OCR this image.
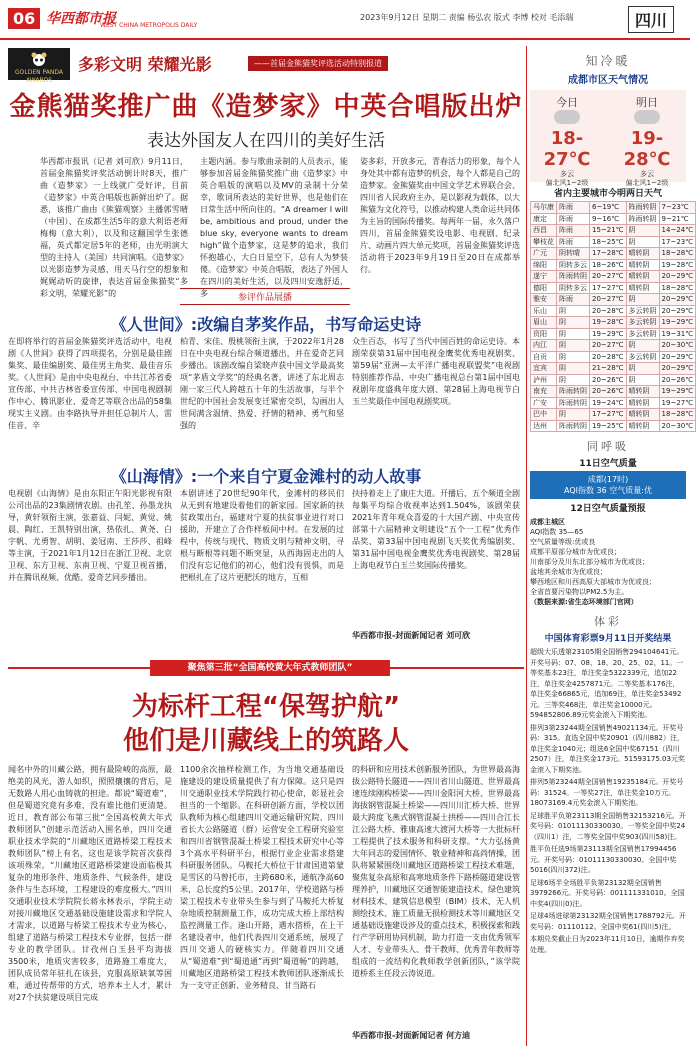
06 华西都市报
WEST CHINA METROPOLIS DAILY
2023年9月12日 星期二 责编 杨弘农 版式 李博 校对 毛添瑞	四川
GOLDEN PANDA AWARDS
多彩文明 荣耀光影	——首届金熊猫奖评选活动特别报道
金熊猫奖推广曲《造梦家》中英合唱版出炉
表达外国友人在四川的美好生活
华西都市报讯（记者 刘可欣）9月11日，首届金熊猫奖评奖活动倒计时8天，推广曲《造梦家》一上线就广受好评，目前《造梦家》中英合唱版也新鲜出炉了。据悉，该推广曲由《熊猫观察》主播郭雪晴（中国）、在成都生活5年的意大利语老师梅梅（意大利），以及和这翻国学生张德福，英式都定居5年的老师，由光明演大型的主持人（美国）共同演唱。《造梦家》以光影造梦为灵感，用天马行空的想象和娓娓动听的旋律，表达首届金熊猫奖“多彩文明，荣耀光影”的
主题内涵。参与歌曲录制的人员表示，能够参加首届金熊猫奖推广曲《造梦家》中英合唱版的演唱以及MV的录制十分荣幸，歌词所表达的美好世界，也是他们在日常生活中所向往的。“A dreamer I will be, ambitious and proud, under the blue sky, everyone wants to dream high”做个造梦家，这是梦的追求，我们怀抱雄心，大白日星空下，总有人为梦装傻。《造梦家》中英合唱版，表达了外国人在四川的美好生活，以及四川安逸舒适，多
姿多彩，开放多元，青春活力的形象，每个人身处其中都有造梦的机会，每个人都是自己的造梦家。金熊猫奖由中国文学艺术界联合会、四川省人民政府主办，是以影视为载体，以大熊猫为文化符号，以推动构建人类命运共同体为主旨的国际传播奖。每两年一届，永久落户四川，首届金熊猫奖设电影、电视剧、纪录片、动画片四大单元奖项，首届金熊猫奖评选活动将于2023年9月19日至20日在成都举行。
参评作品展播
《人世间》:改编自茅奖作品，书写命运史诗
在即将举行的首届金熊猫奖评选活动中，电视剧《人世间》获得了四项提名，分别是最佳剧集奖、最佳编剧奖、最佳男主角奖、最佳音乐奖。《人世间》是由中央电视台、中共江苏省委宣传部、中共吉林省委宣传部、中国电视剧制作中心、腾讯影业、爱奇艺等联合出品的58集现实主义剧。由李路执导并担任总制片人，雷佳音、辛
柏青、宋佳、殷桃领衔主演，于2022年1月28日在中央电视台综合频道播出，并在爱奇艺同步播出。该剧改编自梁晓声获中国文学最高奖项“茅盾文学奖”的经典名著，讲述了东北周志刚一家三代人跨越五十年的生活故事，与半个世纪的中国社会发展变迁紧密交织，勾画出人世间满含温情、热爱、抒情的精神、勇气和坚强的
众生百态，书写了当代中国百姓的命运史诗。本剧荣获第31届中国电视金鹰奖优秀电视剧奖、第59届“亚洲—太平洋广播电视联盟奖”电视剧特别推荐作品、中央广播电视总台第1届中国电视剧年度盛典年度大剧、第28届上海电视节白玉兰奖最佳中国电视剧奖项。
《山海情》:一个来自宁夏金滩村的动人故事
电视剧《山海情》是由东阳正午阳光影视有限公司出品的23集剧情农剧。由孔笙、孙墨龙执导，黄轩领衔主演，张嘉益、闫妮、黄觉、姚晨、陶红、王凯特别出演，热依扎、黄尧、白宇帆、尤勇智、胡明、姜冠南、王莎莎、祖峰等主演，于2021年1月12日在浙江卫视、北京卫视、东方卫视、东南卫视、宁夏卫视首播，并在腾讯视频、优酷、爱奇艺同步播出。
本剧讲述了20世纪90年代，金滩村的移民们从无到有地建设着他们的新家园。国家新的扶贫政策出台，福建对宁夏的扶贫事业进行对口援助，开建立了合作样板间中村。在发展的过程中，传统与现代、物质文明与精神文明，寻根与断根等问题不断突显，从西海固走出的人们没有忘记他们的初心，他们没有畏惧，而是把根扎在了这片更肥沃的地方，互相
扶持着走上了康庄大道。开播后，五个频道全剧每集平均综合收视率达到1.504%，该剧荣获2021年青年观众喜爱的十大国产剧、中央宣传部第十六届精神文明建设“五个一工程”优秀作品奖、第33届中国电视剧飞天奖优秀编剧奖、第31届中国电视金鹰奖优秀电视剧奖、第28届上海电视节白玉兰奖国际传播奖。
华西都市报-封面新闻记者 刘可欣
聚焦第三批“全国高校黄大年式教师团队”
为标杆工程“保驾护航”
他们是川藏线上的筑路人
闻名中外的川藏公路，拥有最险峻的高原，最绝美的风光，游人如织，照照攘攘的背后，是无数路人用心血铸就的担途。都说“蜀道难”，但是蜀道究竟有多难，没有谁比他们更清楚。近日，教育部公布第三批“全国高校黄大年式教师团队”创建示范活动入围名单，四川交通职业技术学院的“川藏地区道路桥梁工程技术教师团队”榜上有名，这也是该学院首次获得该项殊荣。“川藏地区道路桥梁建设面临极其复杂的地形条件、地质条件、气候条件，建设条件与生态环境，工程建设的难度极大。”四川交通职业技术学院院长蒋永林表示，学院主动对接川藏地区交通基础设施建设需求和学院人才需求，以道路与桥梁工程技术专业为核心，组建了道路与桥梁工程技术专业群，包括一群专业的教学团队。甘孜州白玉县平均海拔3500米，地质灾害较多，道路施工难度大，团队成员常年驻扎在该县，克服高原缺氧等困难，通过传帮带的方式，培养本土人才，累计对27个扶贫建设项目完成
1100余次抽样检测工作，为当地交通基础设施建设的建设质量提供了有力保障。这只是四川交通职业技术学院践行初心使命，彰显社会担当的一个缩影。在科研创新方面，学校以团队教师为核心组建四川交通运输研究院、四川省长大公路隧道（群）运营安全工程研究验室和四川省钢管混凝土桥梁工程技术研究中心等3个高水平科研平台，根据行业企业需求搭建科研服务团队。马鞍托大桥位于甘肃国道第蒙是雪区的马曾托市，主跨680米，通航净高60米，总长度约5公里。2017年，学校道路与桥梁工程技术专业带头生参与到了马鞍托大桥复杂地质控制测量工作，成功完成大桥上部结构监控测量工作。逢山开路，遇水搭桥，在上干名建设者中，他们代表四川交通系统，展现了四川交通人的硬核实力。伴随着四川交通从“蜀道难”到“蜀道通”再到“蜀道畅”的跨越，川藏地区道路桥梁工程技术教师团队逐渐成长为一支守正创新、业务精良、甘当路石
的科研和应用技术创新服务团队，为世界最高海拔公路特长隧道——四川省川山隧道、世界最高速连续刚构桥梁——四川金阳河大桥、世界最高海拔钢管混凝土桥梁——四川川汇桥大桥、世界最大跨度飞燕式钢管混凝土拱桥——四川合江长江公路大桥、雅康高速大渡河大桥等一大批标杆工程提供了技术服务和科研支撑。“大力弘扬黄大年同志的爱国情怀、敬业精神和高尚情操，团队将紧紧围绕川藏地区道路桥梁工程技术难题，聚焦复杂高原和高寒地质条件下路桥隧道建设管理养护，川藏地区交通智能建造技术、绿色建筑材料技术、建筑信息模型（BIM）技术、无人机测绘技术、施工质量无损检测技术等川藏地区交通基础设施建设涉及的重点技术，积极探索和践行产学研用协同机制，助力打造一支由优秀领军人才、专业带头人、骨干教师、优秀青年教师等组成的一流结构化教师教学创新团队，”该学院道桥系主任段云涛说道。
华西都市报-封面新闻记者 何方迪
知冷暖
成都市区天气情况
今日
18-27℃
多云
偏北风1~2级
明日
19-28℃
多云
偏北风1~2级
省内主要城市今明两日天气
马尔康	阵雨	6~19℃	阵雨转阴	7~23℃
康定	阵雨	9~16℃	阵雨转阴	9~21℃
西昌	阵雨	15~21℃	阴	14~24℃
攀枝花	阵雨	18~25℃	阴	17~23℃
广元	阴转晴	17~28℃	晴转阴	18~28℃
绵阳	阴转多云	18~26℃	晴转阴	19~28℃
遂宁	阵雨转阴	20~27℃	晴转阴	20~29℃
德阳	阴转多云	17~27℃	晴转阴	18~28℃
雅安	阵雨	20~27℃	阴	20~29℃
乐山	阴	20~28℃	多云转阴	20~29℃
眉山	阴	19~28℃	多云转阴	19~29℃
资阳	阴	19~29℃	多云转阴	19~31℃
内江	阴	20~27℃	阴	20~30℃
自贡	阴	20~28℃	多云转阴	20~29℃
宜宾	阴	21~28℃	阴	20~29℃
泸州	阴	20~26℃	阴	20~26℃
南充	阵雨转阴	20~26℃	晴转阴	19~29℃
广安	阵雨转阴	19~24℃	晴转阴	19~27℃
巴中	阴	17~27℃	晴转阴	18~28℃
达州	阵雨转阴	19~25℃	晴转阴	20~30℃
同呼吸
11日空气质量
成都(17时)
AQI指数 36 空气质量:优
12日空气质量预报
成都主城区
AQI指数 35—65
空气质量等级:优或良
成都平原部分城市为优或良；
川南部分及川东北部分城市为优或良；
盆地其余城市为优或良；
攀西地区和川西高原大部城市为优或良；
全省首要污染物以PM2.5为主。
（数据来源:省生态环境部门官网）
体彩
中国体育彩票9月11日开奖结果
超级大乐透第23105期全国销售294104641元。开奖号码：07、08、18、20、25、02、11。一等奖基本23注，单注奖金5322339元，追加22注，单注奖金4257871元。二等奖基本176注，单注奖金66865元，追加69注，单注奖金53492元。三等奖468注，单注奖金10000元。594852806.89元奖金滚入下期奖池。
排列3第23244期全国销售49021134元。开奖号码：315。直选全国中奖20901（四川882）注，单注奖金1040元；组选6全国中奖67151（四川2507）注，单注奖金173元。51593175.03元奖金滚入下期奖池。
排列5第23244期全国销售19235184元。开奖号码：31524。一等奖27注，单注奖金10万元。18073169.4元奖金滚入下期奖池。
足球胜平负第23113期全国销售32153216元。开奖号码：01011130330030。一等奖全国中奖24（四川1）注，二等奖全国中奖903(四川58)注。
胜平负任选9场第23113期全国销售17994456元。开奖号码：01011130330030。全国中奖5016(四川372)注。
足球6场半全场胜平负第23132期全国销售3979266元。开奖号码：001111331010。全国中奖4(四川0)注。
足球4场进球第23132期全国销售1788792元。开奖号码：01110112。全国中奖61(四川5)注。
本期兑奖截止日为2023年11月10日，逾期作弃奖处理。
